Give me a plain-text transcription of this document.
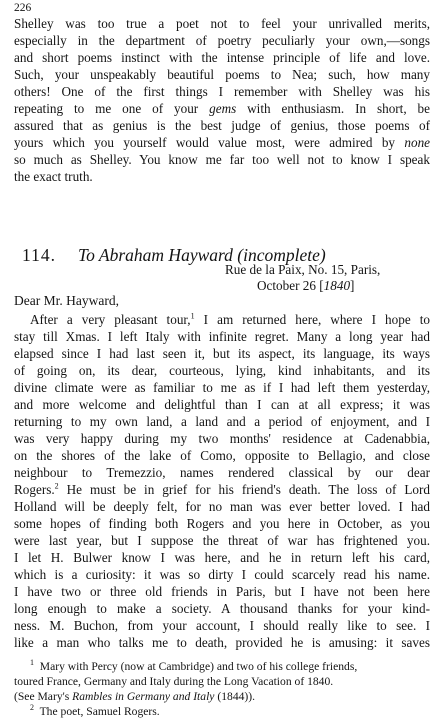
226
Shelley was too true a poet not to feel your unrivalled merits,
especially in the department of poetry peculiarly your own,—songs
and short poems instinct with the intense principle of life and love.
Such, your unspeakably beautiful poems to Nea; such, how many
others! One of the first things I remember with Shelley was his
repeating to me one of your gems with enthusiasm. In short, be
assured that as genius is the best judge of genius, those poems of
yours which you yourself would value most, were admired by none
so much as Shelley. You know me far too well not to know I speak
the exact truth.
114. To Abraham Hayward (incomplete)
Rue de la Paix, No. 15, Paris,
October 26 [1840]
Dear Mr. Hayward,
After a very pleasant tour,$^1$ I am returned here, where I hope to
stay till Xmas. I left Italy with infinite regret. Many a long year had
elapsed since I had last seen it, but its aspect, its language, its ways
of going on, its dear, courteous, lying, kind inhabitants, and its
divine climate were as familiar to me as if I had left them yesterday,
and more welcome and delightful than I can at all express; it was
returning to my own land, a land and a period of enjoyment, and I
was very happy during my two months' residence at Cadenabbia,
on the shores of the lake of Como, opposite to Bellagio, and close
neighbour to Tremezzio, names rendered classical by our dear
Rogers.$^2$ He must be in grief for his friend's death. The loss of Lord
Holland will be deeply felt, for no man was ever better loved. I had
some hopes of finding both Rogers and you here in October, as you
were last year, but I suppose the threat of war has frightened you.
I let H. Bulwer know I was here, and he in return left his card,
which is a curiosity: it was so dirty I could scarcely read his name.
I have two or three old friends in Paris, but I have not been here
long enough to make a society. A thousand thanks for your kind-
ness. M. Buchon, from your account, I should really like to see. I
like a man who talks me to death, provided he is amusing: it saves
$^1$ Mary with Percy (now at Cambridge) and two of his college friends,
toured France, Germany and Italy during the Long Vacation of 1840.
(See Mary's Rambles in Germany and Italy (1844)).
$^2$ The poet, Samuel Rogers.
